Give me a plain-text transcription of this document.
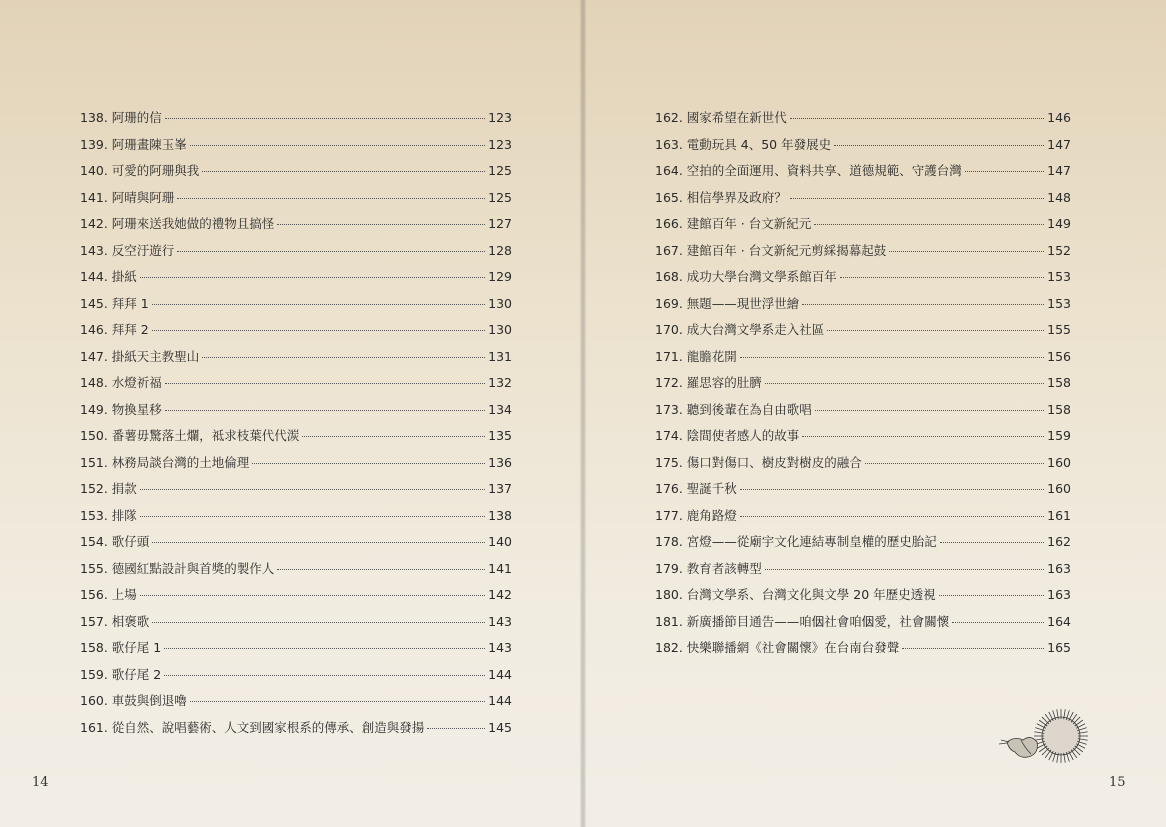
138. 阿珊的信	123
139. 阿珊畫陳玉峯	123
140. 可愛的阿珊與我	125
141. 阿晴與阿珊	125
142. 阿珊來送我她做的禮物且搞怪	127
143. 反空汙遊行	128
144. 掛紙	129
145. 拜拜 1	130
146. 拜拜 2	130
147. 掛紙天主教聖山	131
148. 水燈祈福	132
149. 物換星移	134
150. 番薯毋驚落土爛，祗求枝葉代代湠	135
151. 林務局談台灣的土地倫理	136
152. 捐款	137
153. 排隊	138
154. 歌仔頭	140
155. 德國紅點設計與首獎的製作人	141
156. 上場	142
157. 相褒歌	143
158. 歌仔尾 1	143
159. 歌仔尾 2	144
160. 車鼓與倒退嚕	144
161. 從自然、說唱藝術、人文到國家根系的傳承、創造與發揚	145
14
162. 國家希望在新世代	146
163. 電動玩具 4、50 年發展史	147
164. 空拍的全面運用、資料共享、道德規範、守護台灣	147
165. 相信學界及政府？	148
166. 建館百年 · 台文新紀元	149
167. 建館百年 · 台文新紀元剪綵揭幕起鼓	152
168. 成功大學台灣文學系館百年	153
169. 無題——現世浮世繪	153
170. 成大台灣文學系走入社區	155
171. 龍膽花開	156
172. 羅思容的肚臍	158
173. 聽到後輩在為自由歌唱	158
174. 陰間使者感人的故事	159
175. 傷口對傷口、樹皮對樹皮的融合	160
176. 聖誕千秋	160
177. 鹿角路燈	161
178. 宮燈——從廟宇文化連結專制皇權的歷史胎記	162
179. 教育者該轉型	163
180. 台灣文學系、台灣文化與文學 20 年歷史透視	163
181. 新廣播節目通告——咱𪜶社會咱𪜶愛，社會關懷	164
182. 快樂聯播網《社會關懷》在台南台發聲	165
15
